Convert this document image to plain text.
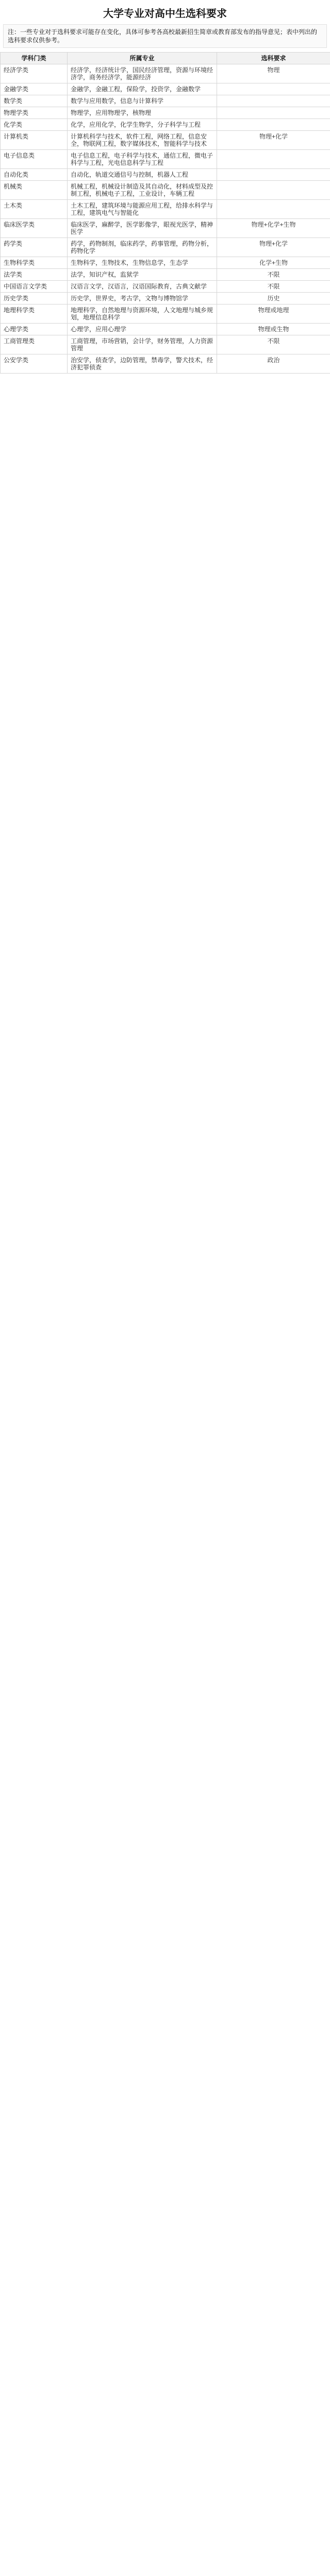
大学专业对高中生选科要求
注：一些专业对于选科要求可能存在变化，具体可参考各高校最新招生简章或教育部发布的指导意见；表中列出的选科要求仅供参考。
学科门类	所属专业	选科要求
经济学类	经济学，经济统计学，国民经济管理，资源与环境经济学，商务经济学，能源经济	物理
金融学类	金融学，金融工程，保险学，投资学，金融数学	
数学类	数学与应用数学，信息与计算科学	
物理学类	物理学，应用物理学，核物理	
化学类	化学，应用化学，化学生物学，分子科学与工程	
计算机类	计算机科学与技术，软件工程，网络工程，信息安全，物联网工程，数字媒体技术，智能科学与技术	物理+化学
电子信息类	电子信息工程，电子科学与技术，通信工程，微电子科学与工程，光电信息科学与工程	
自动化类	自动化，轨道交通信号与控制，机器人工程	
机械类	机械工程，机械设计制造及其自动化，材料成型及控制工程，机械电子工程，工业设计，车辆工程	
土木类	土木工程，建筑环境与能源应用工程，给排水科学与工程，建筑电气与智能化	
临床医学类	临床医学，麻醉学，医学影像学，眼视光医学，精神医学	物理+化学+生物
药学类	药学，药物制剂，临床药学，药事管理，药物分析，药物化学	物理+化学
生物科学类	生物科学，生物技术，生物信息学，生态学	化学+生物
法学类	法学，知识产权，监狱学	不限
中国语言文学类	汉语言文学，汉语言，汉语国际教育，古典文献学	不限
历史学类	历史学，世界史，考古学，文物与博物馆学	历史
地理科学类	地理科学，自然地理与资源环境，人文地理与城乡规划，地理信息科学	物理或地理
心理学类	心理学，应用心理学	物理或生物
工商管理类	工商管理，市场营销，会计学，财务管理，人力资源管理	不限
公安学类	治安学，侦查学，边防管理，禁毒学，警犬技术，经济犯罪侦查	政治
